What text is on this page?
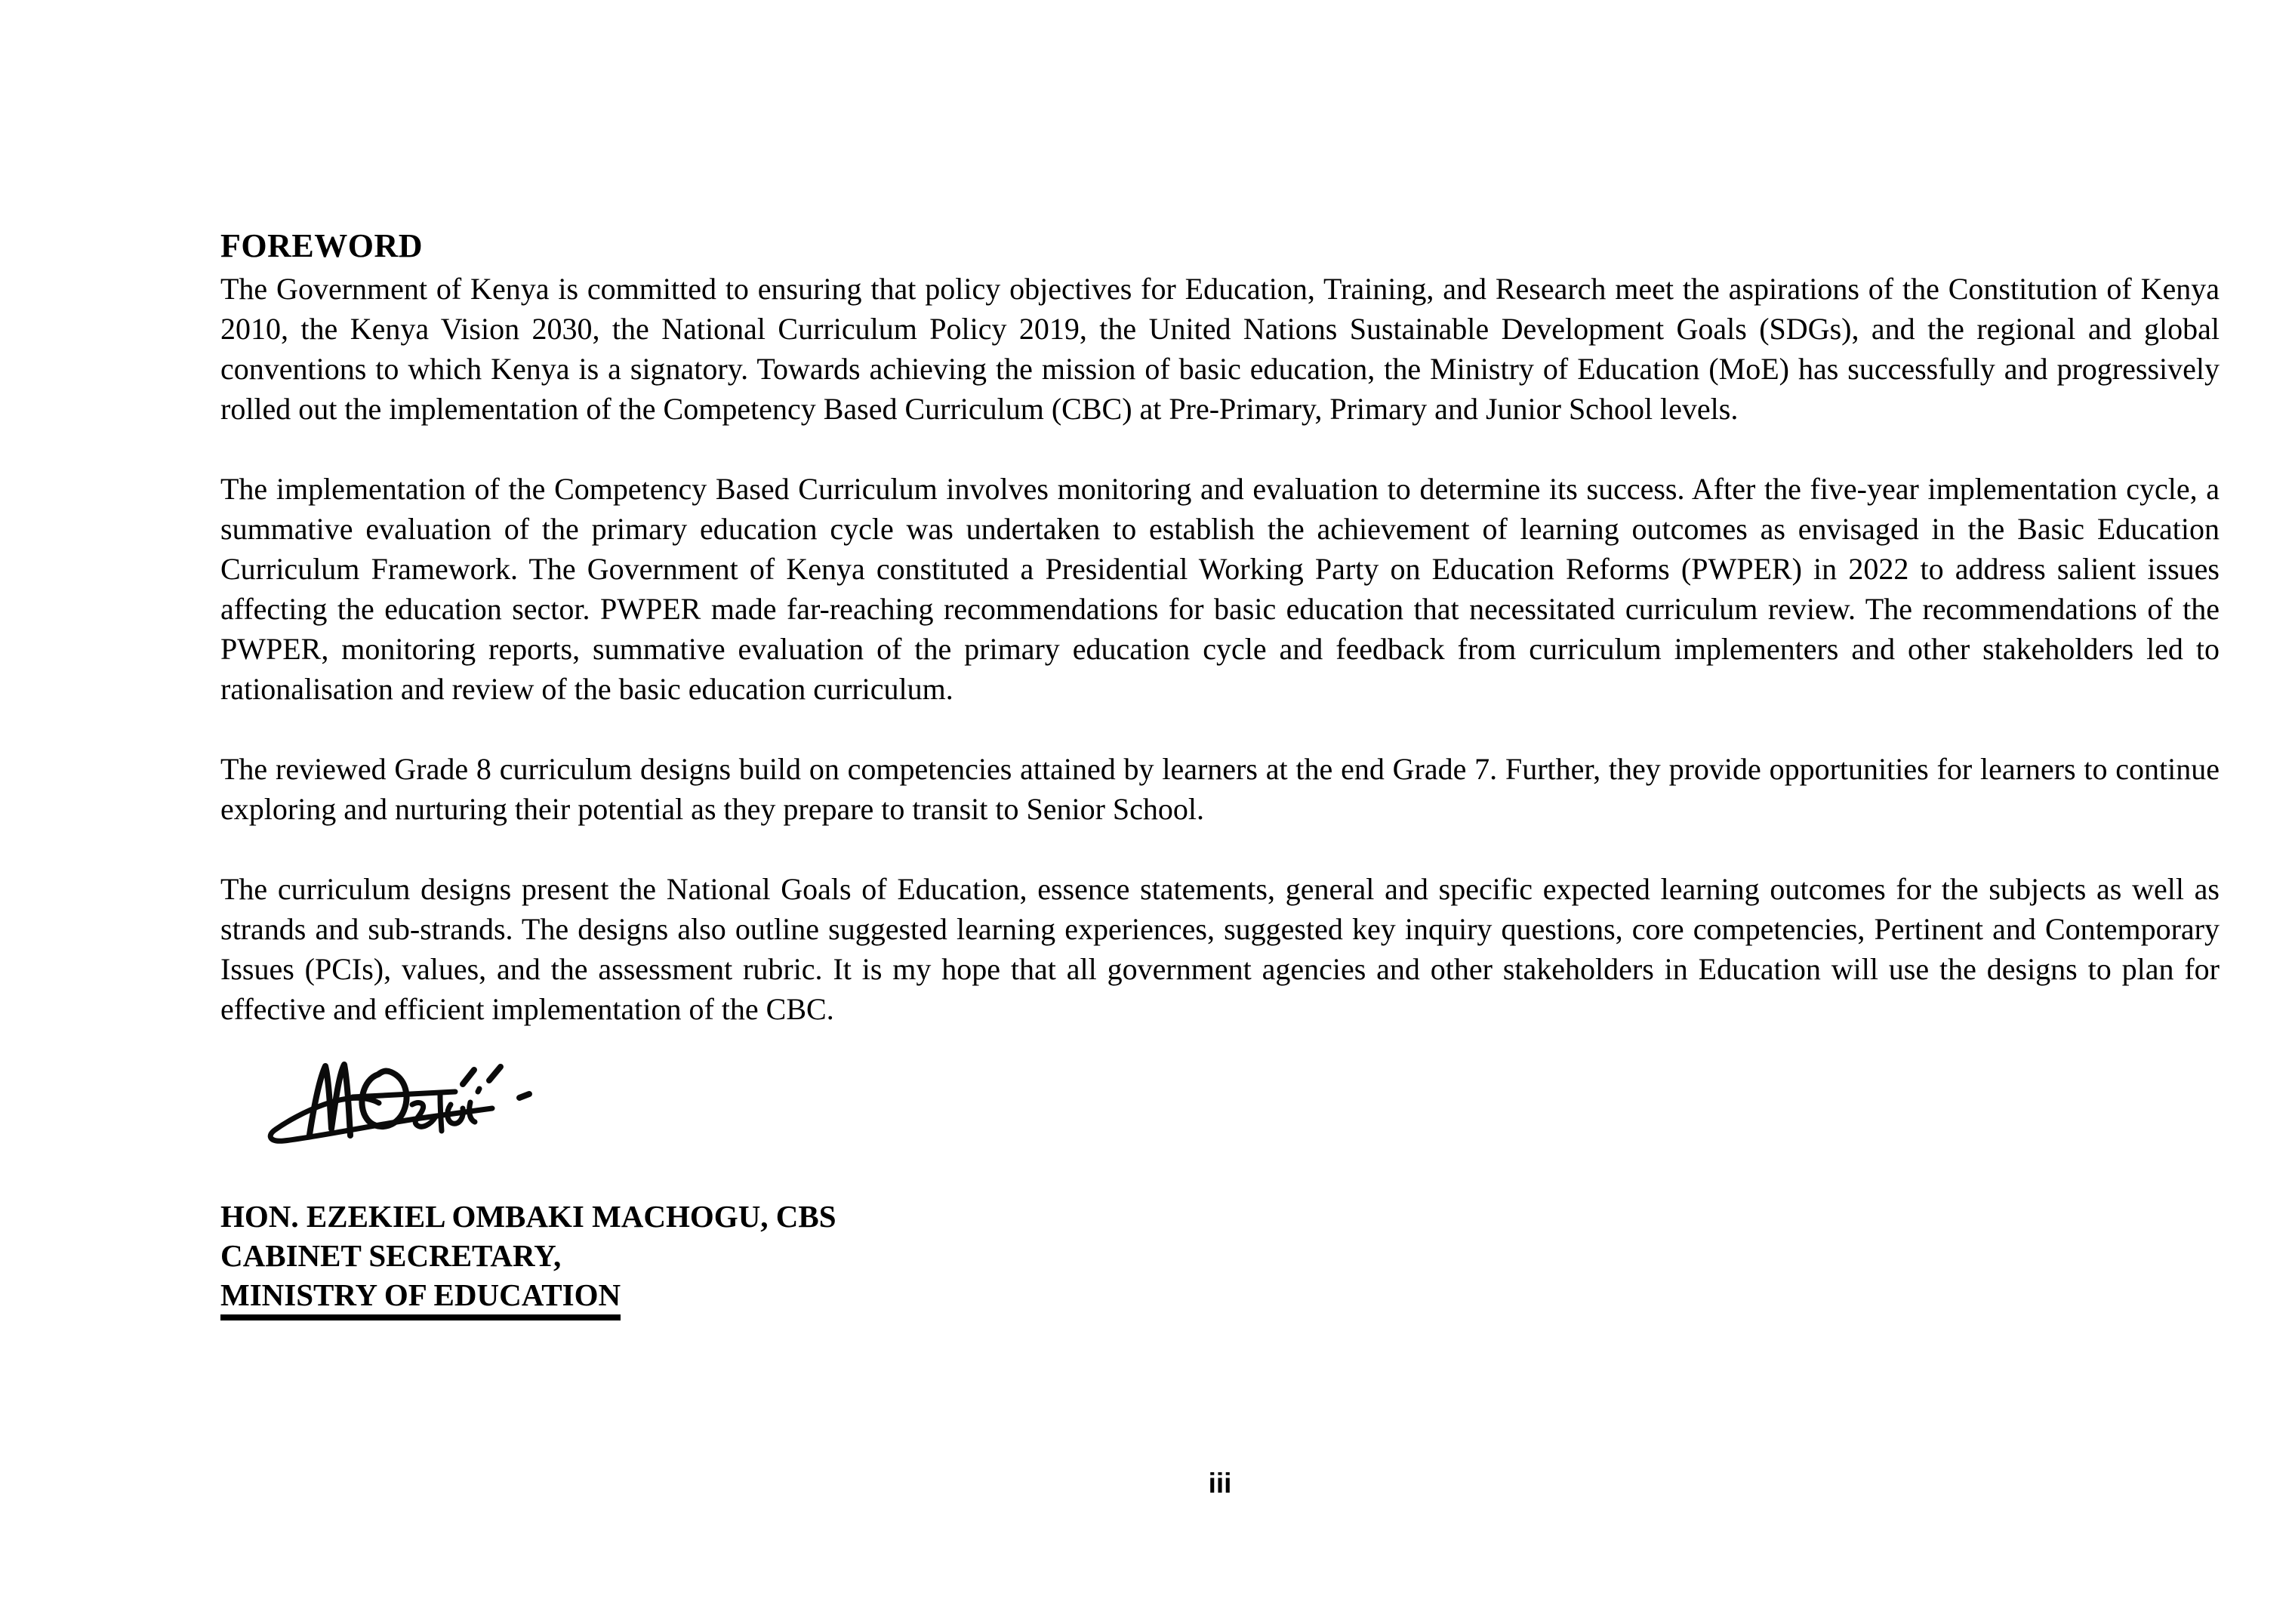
FOREWORD

The Government of Kenya is committed to ensuring that policy objectives for Education, Training, and Research meet the aspirations of the Constitution of Kenya 2010, the Kenya Vision 2030, the National Curriculum Policy 2019, the United Nations Sustainable Development Goals (SDGs), and the regional and global conventions to which Kenya is a signatory. Towards achieving the mission of basic education, the Ministry of Education (MoE) has successfully and progressively rolled out the implementation of the Competency Based Curriculum (CBC) at Pre-Primary, Primary and Junior School levels.

The implementation of the Competency Based Curriculum involves monitoring and evaluation to determine its success. After the five-year implementation cycle, a summative evaluation of the primary education cycle was undertaken to establish the achievement of learning outcomes as envisaged in the Basic Education Curriculum Framework. The Government of Kenya constituted a Presidential Working Party on Education Reforms (PWPER) in 2022 to address salient issues affecting the education sector. PWPER made far-reaching recommendations for basic education that necessitated curriculum review. The recommendations of the PWPER, monitoring reports, summative evaluation of the primary education cycle and feedback from curriculum implementers and other stakeholders led to rationalisation and review of the basic education curriculum.

The reviewed Grade 8 curriculum designs build on competencies attained by learners at the end Grade 7. Further, they provide opportunities for learners to continue exploring and nurturing their potential as they prepare to transit to Senior School.

The curriculum designs present the National Goals of Education, essence statements, general and specific expected learning outcomes for the subjects as well as strands and sub-strands. The designs also outline suggested learning experiences, suggested key inquiry questions, core competencies, Pertinent and Contemporary Issues (PCIs), values, and the assessment rubric. It is my hope that all government agencies and other stakeholders in Education will use the designs to plan for effective and efficient implementation of the CBC.

HON. EZEKIEL OMBAKI MACHOGU, CBS
CABINET SECRETARY,
MINISTRY OF EDUCATION
iii
